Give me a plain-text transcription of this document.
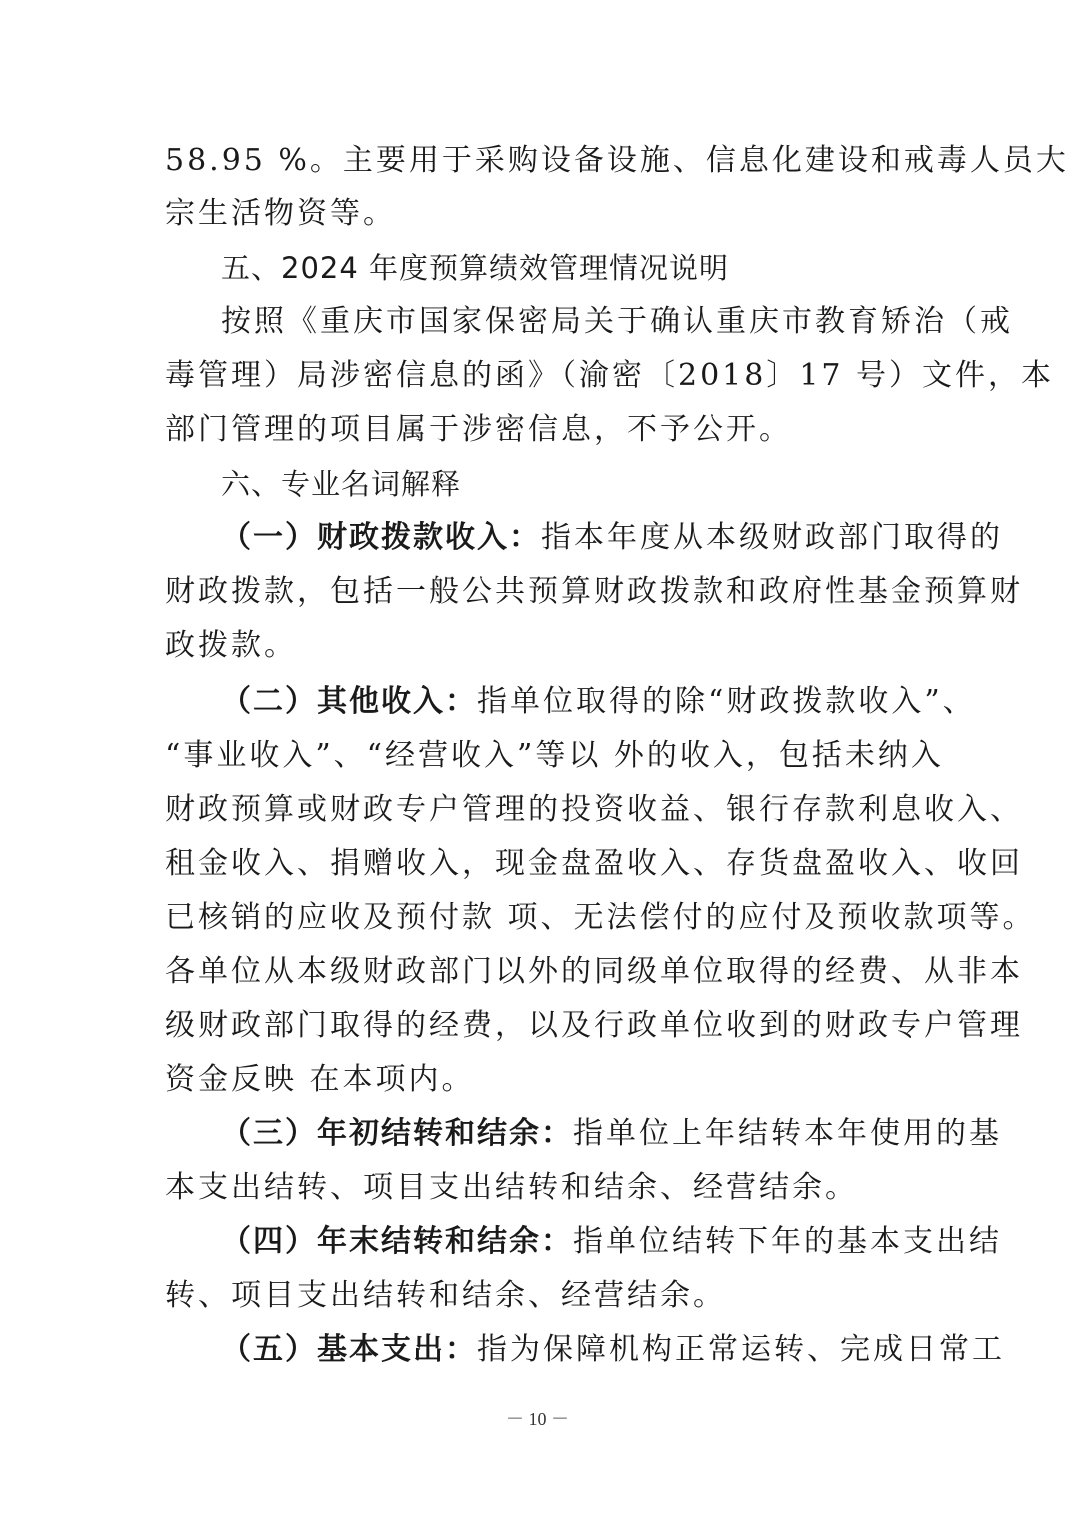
58.95 %。主要用于采购设备设施、信息化建设和戒毒人员大
宗生活物资等。
五、2024 年度预算绩效管理情况说明
按照《重庆市国家保密局关于确认重庆市教育矫治（戒
毒管理）局涉密信息的函》（渝密〔2018〕17 号）文件，本
部门管理的项目属于涉密信息，不予公开。
六、专业名词解释
（一）财政拨款收入：指本年度从本级财政部门取得的
财政拨款，包括一般公共预算财政拨款和政府性基金预算财
政拨款。
（二）其他收入：指单位取得的除“财政拨款收入”、
“事业收入”、“经营收入”等以 外的收入，包括未纳入
财政预算或财政专户管理的投资收益、银行存款利息收入、
租金收入、捐赠收入，现金盘盈收入、存货盘盈收入、收回
已核销的应收及预付款 项、无法偿付的应付及预收款项等。
各单位从本级财政部门以外的同级单位取得的经费、从非本
级财政部门取得的经费，以及行政单位收到的财政专户管理
资金反映 在本项内。
（三）年初结转和结余：指单位上年结转本年使用的基
本支出结转、项目支出结转和结余、经营结余。
（四）年末结转和结余：指单位结转下年的基本支出结
转、项目支出结转和结余、经营结余。
（五）基本支出：指为保障机构正常运转、完成日常工
－ 10 －
